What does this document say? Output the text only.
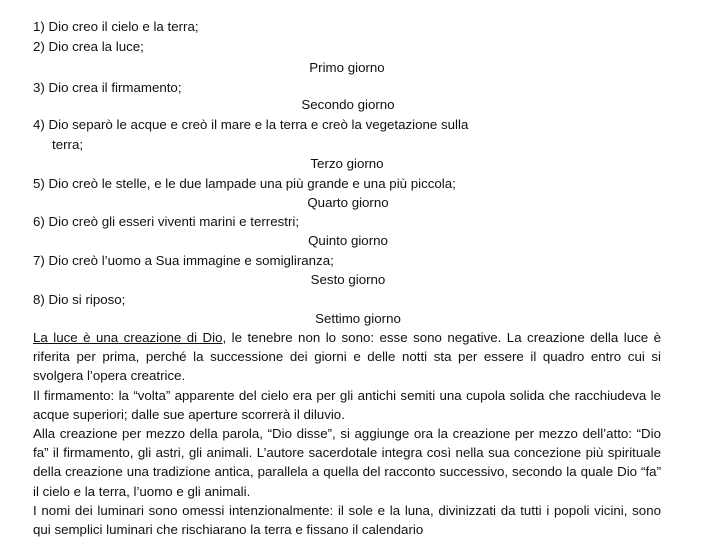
1) Dio creo il cielo e la terra;
2) Dio crea la luce;
Primo giorno
3) Dio crea il firmamento;
Secondo giorno
4) Dio separò le acque e creò il mare e la terra e creò la vegetazione sulla
terra;
Terzo giorno
5) Dio creò le stelle, e le due lampade una più grande e una più piccola;
Quarto giorno
6) Dio creò gli esseri viventi marini e terrestri;
Quinto giorno
7) Dio creò l’uomo a Sua immagine e somigliranza;
Sesto giorno
8) Dio si riposo;
Settimo giorno

La luce è una creazione di Dio, le tenebre non lo sono: esse sono negative. La creazione della luce è riferita per prima, perché la successione dei giorni e delle notti sta per essere il quadro entro cui si svolgera l’opera creatrice.

Il firmamento: la “volta” apparente del cielo era per gli antichi semiti una cupola solida che racchiudeva le acque superiori; dalle sue aperture scorrerà il diluvio.

Alla creazione per mezzo della parola, “Dio disse”, si aggiunge ora la creazione per mezzo dell’atto: “Dio fa” il firmamento, gli astri, gli animali. L’autore sacerdotale integra così nella sua concezione più spirituale della creazione una tradizione antica, parallela a quella del racconto successivo, secondo la quale Dio “fa” il cielo e la terra, l’uomo e gli animali.

I nomi dei luminari sono omessi intenzionalmente: il sole e la luna, divinizzati da tutti i popoli vicini, sono qui semplici luminari che rischiarano la terra e fissano il calendario
